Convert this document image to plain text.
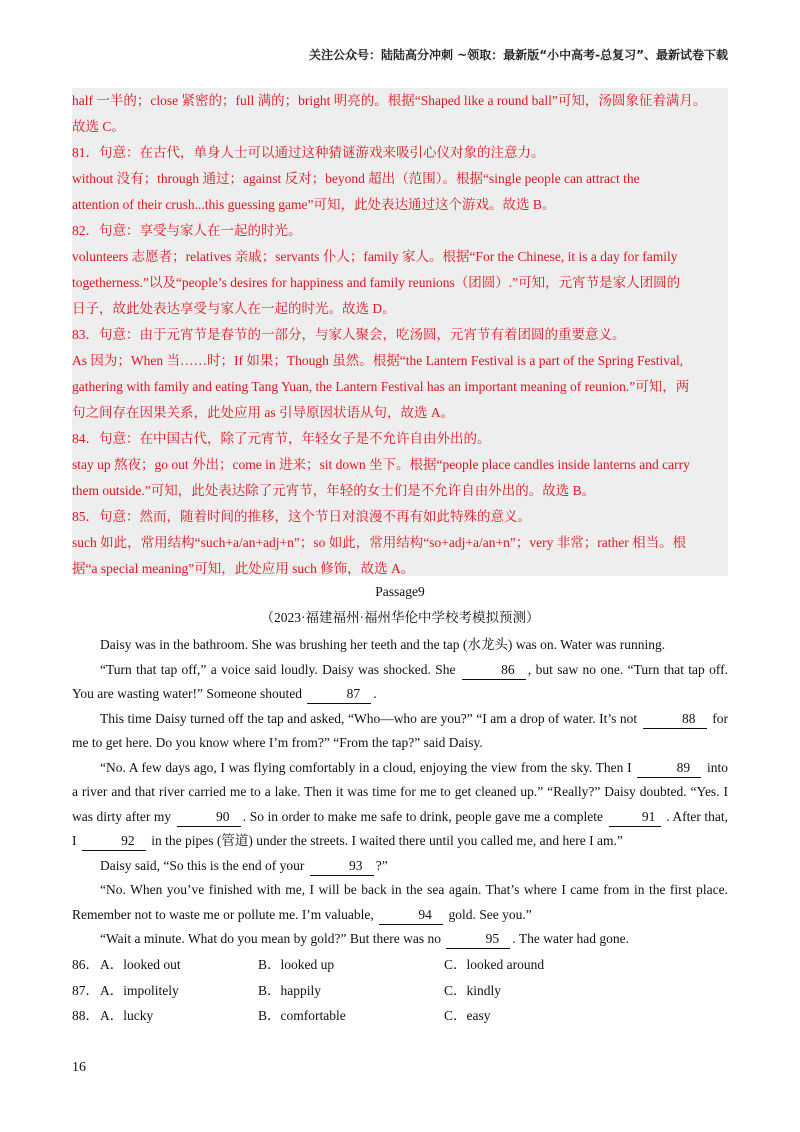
关注公众号：陆陆高分冲刺 ~领取：最新版“小中高考-总复习”、最新试卷下载
half 一半的；close 紧密的；full 满的；bright 明亮的。根据“Shaped like a round ball”可知，汤圆象征着满月。
故选 C。
81．句意：在古代，单身人士可以通过这种猜谜游戏来吸引心仪对象的注意力。
without 没有；through 通过；against 反对；beyond 超出（范围）。根据“single people can attract the
attention of their crush...this guessing game”可知，此处表达通过这个游戏。故选 B。
82．句意：享受与家人在一起的时光。
volunteers 志愿者；relatives 亲戚；servants 仆人；family 家人。根据“For the Chinese, it is a day for family
togetherness.”以及“people’s desires for happiness and family reunions（团圆）.”可知，元宵节是家人团圆的
日子，故此处表达享受与家人在一起的时光。故选 D。
83．句意：由于元宵节是春节的一部分，与家人聚会，吃汤圆，元宵节有着团圆的重要意义。
As 因为；When 当……时；If 如果；Though 虽然。根据“the Lantern Festival is a part of the Spring Festival,
gathering with family and eating Tang Yuan, the Lantern Festival has an important meaning of reunion.”可知，两
句之间存在因果关系，此处应用 as 引导原因状语从句，故选 A。
84．句意：在中国古代，除了元宵节，年轻女子是不允许自由外出的。
stay up 熬夜；go out 外出；come in 进来；sit down 坐下。根据“people place candles inside lanterns and carry
them outside.”可知，此处表达除了元宵节，年轻的女士们是不允许自由外出的。故选 B。
85．句意：然而，随着时间的推移，这个节日对浪漫不再有如此特殊的意义。
such 如此，常用结构“such+a/an+adj+n”；so 如此，常用结构“so+adj+a/an+n”；very 非常；rather 相当。根
据“a special meaning”可知，此处应用 such 修饰，故选 A。
Passage9
（2023·福建福州·福州华伦中学校考模拟预测）

Daisy was in the bathroom. She was brushing her teeth and the tap (水龙头) was on. Water was running.

“Turn that tap off,” a voice said loudly. Daisy was shocked. She	86 , but saw no one. “Turn that tap off. You are wasting water!” Someone shouted	87 .

This time Daisy turned off the tap and asked, “Who—who are you?” “I am a drop of water. It’s not	88 for me to get here. Do you know where I’m from?” “From the tap?” said Daisy.

“No. A few days ago, I was flying comfortably in a cloud, enjoying the view from the sky. Then I	89 into a river and that river carried me to a lake. Then it was time for me to get cleaned up.” “Really?” Daisy doubted. “Yes. I was dirty after my	90 . So in order to make me safe to drink, people gave me a complete	91 . After that, I	92 in the pipes (管道) under the streets. I waited there until you called me, and here I am.”

Daisy said, “So this is the end of your	93 ?”

“No. When you’ve finished with me, I will be back in the sea again. That’s where I came from in the first place. Remember not to waste me or pollute me. I’m valuable,	94 gold. See you.”

“Wait a minute. What do you mean by gold?” But there was no	95 . The water had gone.

86． A．looked out	B．looked up	C．looked around
87． A．impolitely	B．happily	C．kindly
88． A．lucky	B．comfortable	C．easy
16
